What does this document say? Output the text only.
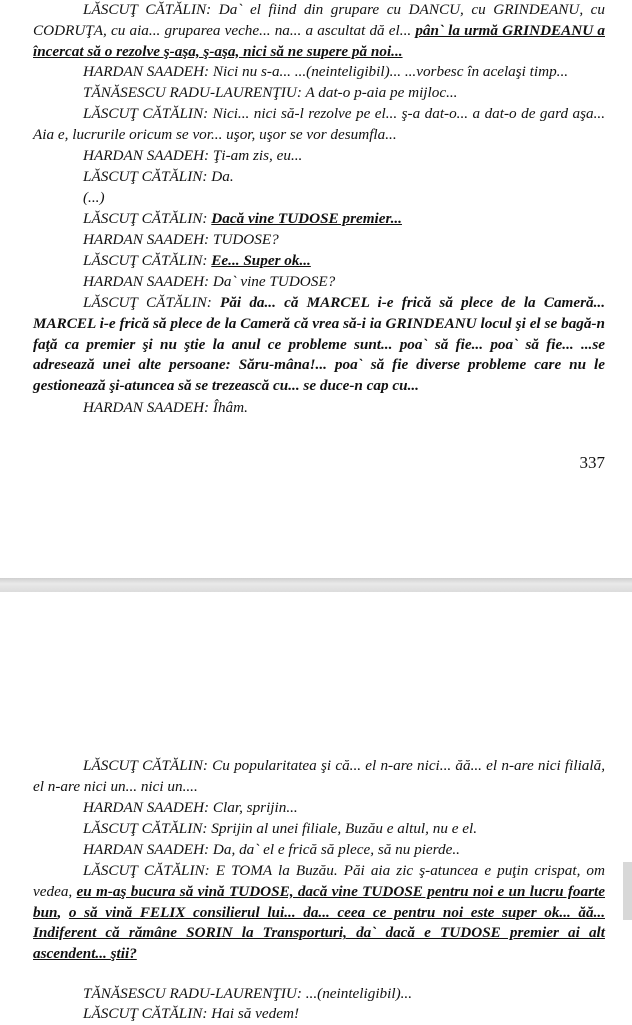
LĂSCUŢ CĂTĂLIN: Da` el fiind din grupare cu DANCU, cu GRINDEANU, cu CODRUŢA, cu aia... gruparea veche... na... a ascultat dă el... pân` la urmă GRINDEANU a încercat să o rezolve ş-aşa, ş-aşa, nici să ne supere pă noi...

HARDAN SAADEH: Nici nu s-a... ...(neinteligibil)... ...vorbesc în acelaşi timp...

TĂNĂSESCU RADU-LAURENŢIU: A dat-o p-aia pe mijloc...

LĂSCUŢ CĂTĂLIN: Nici... nici să-l rezolve pe el... ş-a dat-o... a dat-o de gard aşa... Aia e, lucrurile oricum se vor... uşor, uşor se vor desumfla...

HARDAN SAADEH: Ţi-am zis, eu...

LĂSCUŢ CĂTĂLIN: Da.

(...)

LĂSCUŢ CĂTĂLIN: Dacă vine TUDOSE premier...

HARDAN SAADEH: TUDOSE?

LĂSCUŢ CĂTĂLIN: Ee... Super ok...

HARDAN SAADEH: Da` vine TUDOSE?

LĂSCUŢ CĂTĂLIN: Păi da... că MARCEL i-e frică să plece de la Cameră... MARCEL i-e frică să plece de la Cameră că vrea să-i ia GRINDEANU locul şi el se bagă-n faţă ca premier şi nu ştie la anul ce probleme sunt... poa` să fie... poa` să fie... ...se adresează unei alte persoane: Săru-mâna!... poa` să fie diverse probleme care nu le gestionează şi-atuncea să se trezească cu... se duce-n cap cu...

HARDAN SAADEH: Îhâm.

337

LĂSCUŢ CĂTĂLIN: Cu popularitatea şi că... el n-are nici... ăă... el n-are nici filială, el n-are nici un... nici un....

HARDAN SAADEH: Clar, sprijin...

LĂSCUŢ CĂTĂLIN: Sprijin al unei filiale, Buzău e altul, nu e el.

HARDAN SAADEH: Da, da` el e frică să plece, să nu pierde..

LĂSCUŢ CĂTĂLIN: E TOMA la Buzău. Păi aia zic ş-atuncea e puţin crispat, om vedea, eu m-aş bucura să vină TUDOSE, dacă vine TUDOSE pentru noi e un lucru foarte bun, o să vină FELIX consilierul lui... da... ceea ce pentru noi este super ok... ăă... Indiferent că rămâne SORIN la Transporturi, da` dacă e TUDOSE premier ai alt ascendent... ştii?

TĂNĂSESCU RADU-LAURENŢIU: ...(neinteligibil)...

LĂSCUŢ CĂTĂLIN: Hai să vedem!
